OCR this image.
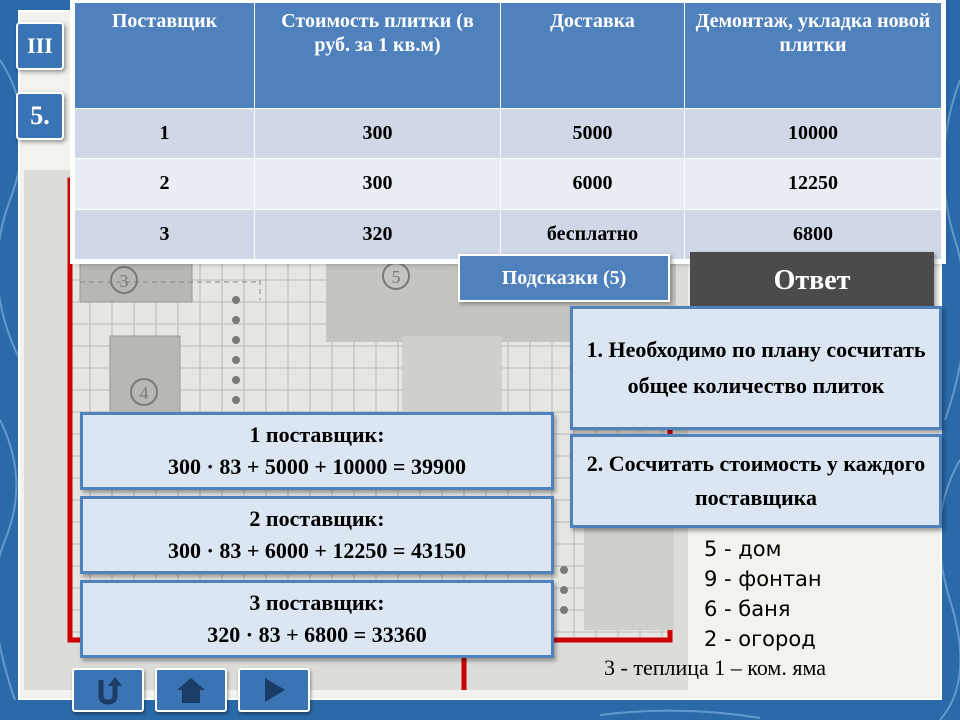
3	5
4
III
5.
Поставщик	Стоимость плитки (в руб. за 1 кв.м)	Доставка	Демонтаж, укладка новой плитки
1	300	5000	10000
2	300	6000	12250
3	320	бесплатно	6800
Подсказки (5)	Ответ
5 - дом
9 - фонтан
6 - баня
2 - огород
3 - теплица 1 – ком. яма
1. Необходимо по плану сосчитать общее количество плиток
2. Сосчитать стоимость у каждого поставщика
1 поставщик:
300 · 83 + 5000 + 10000 = 39900
2 поставщик:
300 · 83 + 6000 + 12250 = 43150
3 поставщик:
320 · 83 + 6800 = 33360
